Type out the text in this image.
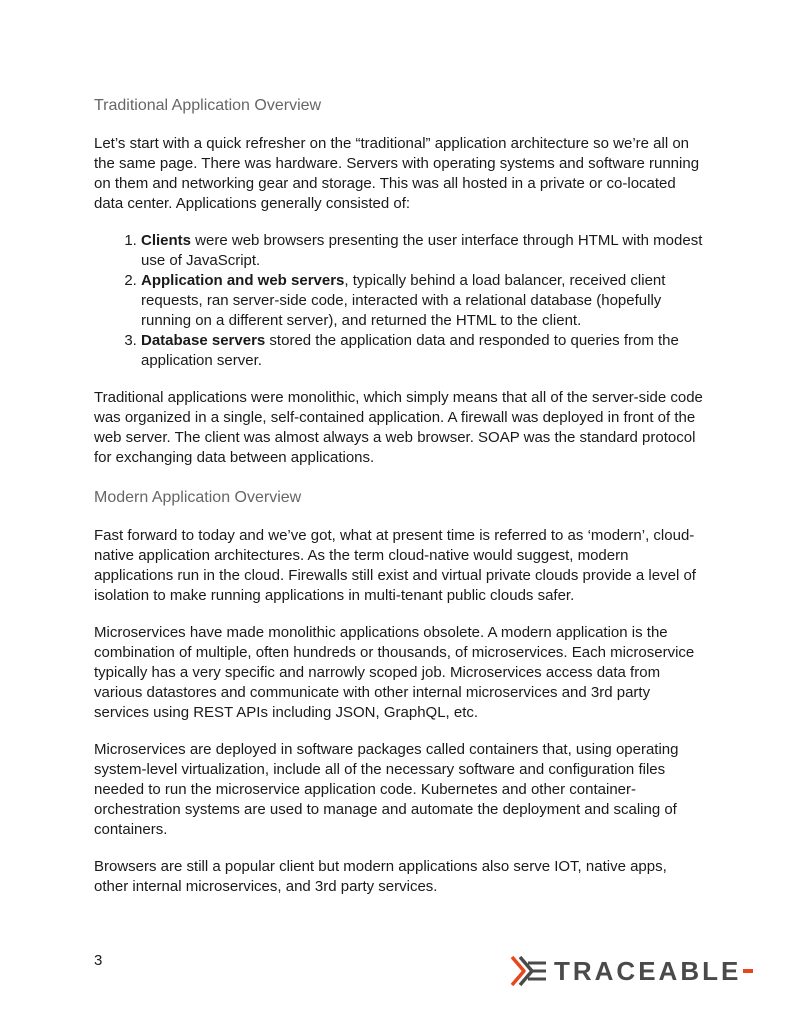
Traditional Application Overview

Let’s start with a quick refresher on the “traditional” application architecture so we’re all on the same page. There was hardware. Servers with operating systems and software running on them and networking gear and storage. This was all hosted in a private or co-located data center. Applications generally consisted of:

1. Clients were web browsers presenting the user interface through HTML with modest use of JavaScript.
2. Application and web servers, typically behind a load balancer, received client requests, ran server-side code, interacted with a relational database (hopefully running on a different server), and returned the HTML to the client.
3. Database servers stored the application data and responded to queries from the application server.

Traditional applications were monolithic, which simply means that all of the server-side code was organized in a single, self-contained application. A firewall was deployed in front of the web server. The client was almost always a web browser. SOAP was the standard protocol for exchanging data between applications.

Modern Application Overview

Fast forward to today and we’ve got, what at present time is referred to as ‘modern’, cloud-native application architectures. As the term cloud-native would suggest, modern applications run in the cloud. Firewalls still exist and virtual private clouds provide a level of isolation to make running applications in multi-tenant public clouds safer.

Microservices have made monolithic applications obsolete. A modern application is the combination of multiple, often hundreds or thousands, of microservices. Each microservice typically has a very specific and narrowly scoped job. Microservices access data from various datastores and communicate with other internal microservices and 3rd party services using REST APIs including JSON, GraphQL, etc.

Microservices are deployed in software packages called containers that, using operating system-level virtualization, include all of the necessary software and configuration files needed to run the microservice application code. Kubernetes and other container-orchestration systems are used to manage and automate the deployment and scaling of containers.

Browsers are still a popular client but modern applications also serve IOT, native apps, other internal microservices, and 3rd party services.

3	TRACEABLE
